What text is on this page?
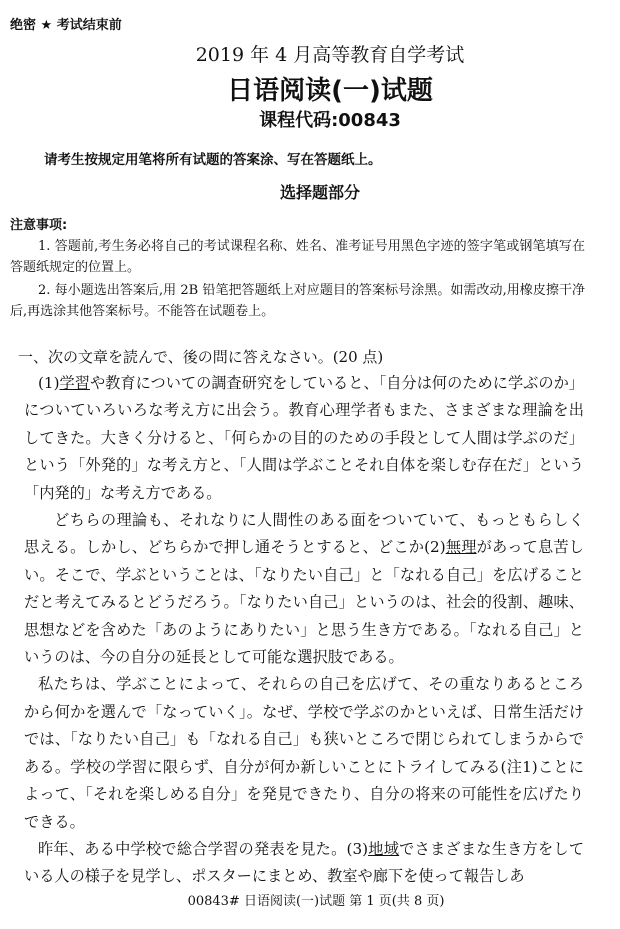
绝密 ★ 考试结束前
2019 年 4 月高等教育自学考试
日语阅读(一)试题
课程代码:00843
请考生按规定用笔将所有试题的答案涂、写在答题纸上。
选择题部分
注意事项:

1. 答题前,考生务必将自己的考试课程名称、姓名、准考证号用黑色字迹的签字笔或钢笔填写在答题纸规定的位置上。

2. 每小题选出答案后,用 2B 铅笔把答题纸上对应题目的答案标号涂黑。如需改动,用橡皮擦干净后,再选涂其他答案标号。不能答在试题卷上。

一、次の文章を読んで、後の問に答えなさい。(20 点)

(1)学習や教育についての調査研究をしていると、「自分は何のために学ぶのか」についていろいろな考え方に出会う。教育心理学者もまた、さまざまな理論を出してきた。大きく分けると、「何らかの目的のための手段として人間は学ぶのだ」という「外発的」な考え方と、「人間は学ぶことそれ自体を楽しむ存在だ」という「内発的」な考え方である。

どちらの理論も、それなりに人間性のある面をついていて、もっともらしく思える。しかし、どちらかで押し通そうとすると、どこか(2)無理があって息苦しい。そこで、学ぶということは、「なりたい自己」と「なれる自己」を広げることだと考えてみるとどうだろう。「なりたい自己」というのは、社会的役割、趣味、思想などを含めた「あのようにありたい」と思う生き方である。「なれる自己」というのは、今の自分の延長として可能な選択肢である。

私たちは、学ぶことによって、それらの自己を広げて、その重なりあるところから何かを選んで「なっていく」。なぜ、学校で学ぶのかといえば、日常生活だけでは、「なりたい自己」も「なれる自己」も狭いところで閉じられてしまうからである。学校の学習に限らず、自分が何か新しいことにトライしてみる(注1)ことによって、「それを楽しめる自分」を発見できたり、自分の将来の可能性を広げたりできる。

昨年、ある中学校で総合学習の発表を見た。(3)地域でさまざまな生き方をしている人の様子を見学し、ポスターにまとめ、教室や廊下を使って報告しあ

00843# 日语阅读(一)试题 第 1 页(共 8 页)
